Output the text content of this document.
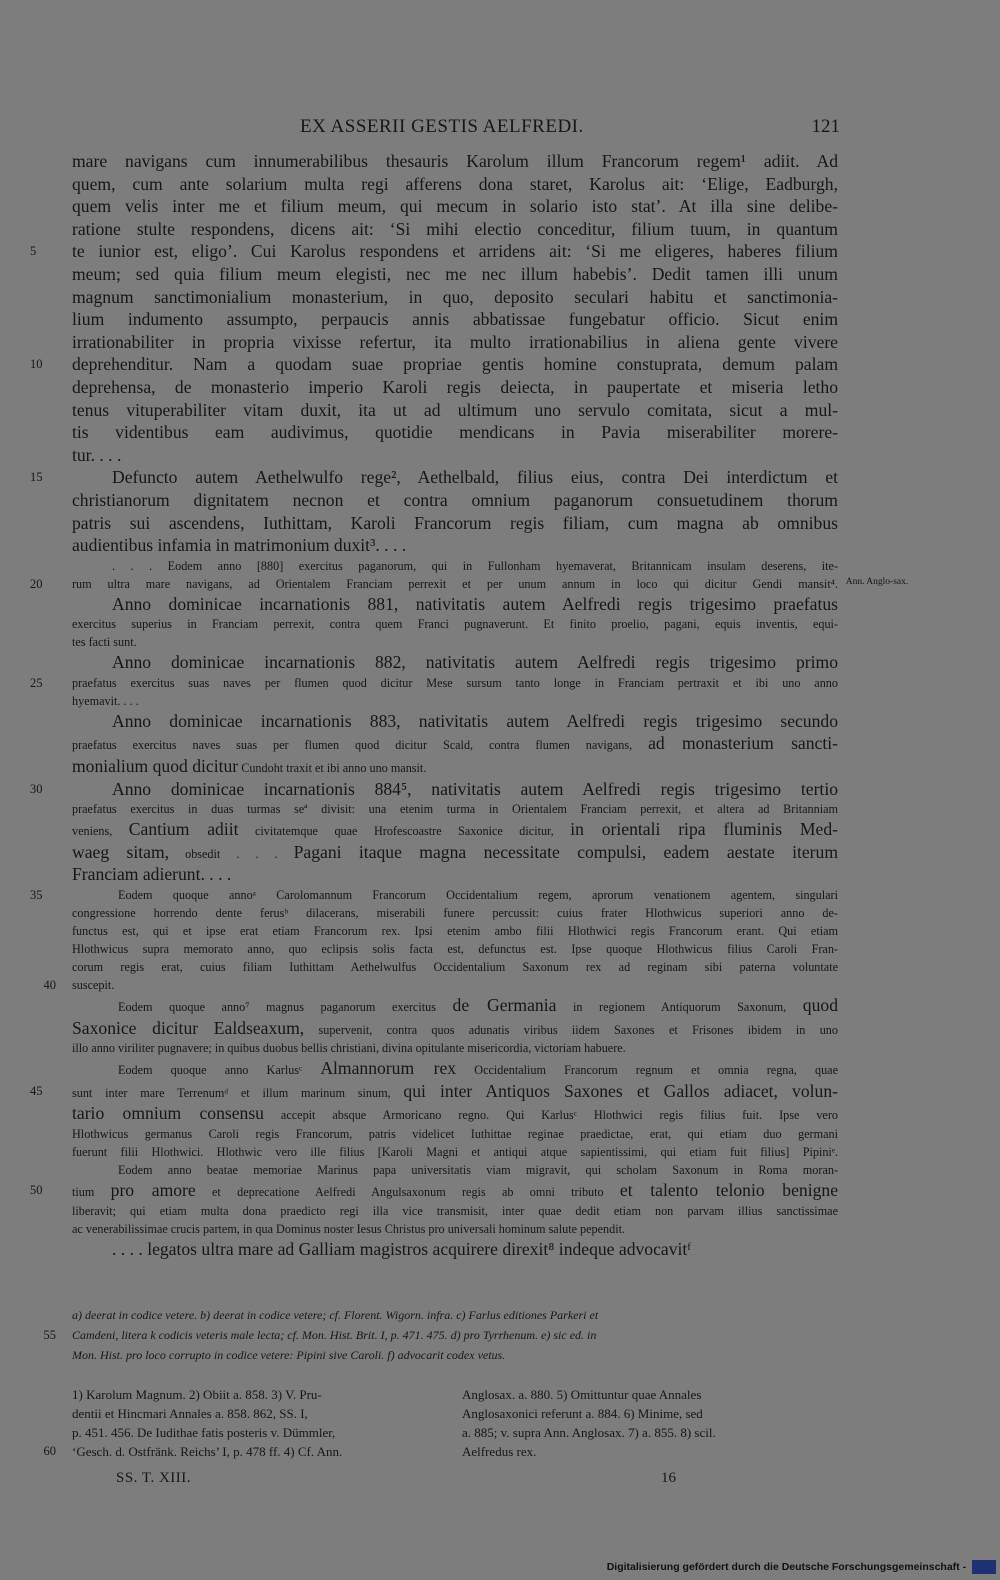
EX ASSERII GESTIS AELFREDI.	121
mare navigans cum innumerabilibus thesauris Karolum illum Francorum regem¹ adiit. Ad
quem, cum ante solarium multa regi afferens dona staret, Karolus ait: ‘Elige, Eadburgh,
quem velis inter me et filium meum, qui mecum in solario isto stat’. At illa sine delibe-
ratione stulte respondens, dicens ait: ‘Si mihi electio conceditur, filium tuum, in quantum
5	te iunior est, eligo’. Cui Karolus respondens et arridens ait: ‘Si me eligeres, haberes filium
meum; sed quia filium meum elegisti, nec me nec illum habebis’. Dedit tamen illi unum
magnum sanctimonialium monasterium, in quo, deposito seculari habitu et sanctimonia-
lium indumento assumpto, perpaucis annis abbatissae fungebatur officio. Sicut enim
irrationabiliter in propria vixisse refertur, ita multo irrationabilius in aliena gente vivere
10	deprehenditur. Nam a quodam suae propriae gentis homine constuprata, demum palam
deprehensa, de monasterio imperio Karoli regis deiecta, in paupertate et miseria letho
tenus vituperabiliter vitam duxit, ita ut ad ultimum uno servulo comitata, sicut a mul-
tis videntibus eam audivimus, quotidie mendicans in Pavia miserabiliter morere-
tur. . . .
15	Defuncto autem Aethelwulfo rege², Aethelbald, filius eius, contra Dei interdictum et
christianorum dignitatem necnon et contra omnium paganorum consuetudinem thorum
patris sui ascendens, Iuthittam, Karoli Francorum regis filiam, cum magna ab omnibus
audientibus infamia in matrimonium duxit³. . . .
. . . Eodem anno [880] exercitus paganorum, qui in Fullonham hyemaverat, Britannicam insulam deserens, ite-
20	rum ultra mare navigans, ad Orientalem Franciam perrexit et per unum annum in loco qui dicitur Gendi mansit⁴.
Anno dominicae incarnationis 881, nativitatis autem Aelfredi regis trigesimo praefatus
exercitus superius in Franciam perrexit, contra quem Franci pugnaverunt. Et finito proelio, pagani, equis inventis, equi-
tes facti sunt.
Anno dominicae incarnationis 882, nativitatis autem Aelfredi regis trigesimo primo
25	praefatus exercitus suas naves per flumen quod dicitur Mese sursum tanto longe in Franciam pertraxit et ibi uno anno
hyemavit. . . .
Anno dominicae incarnationis 883, nativitatis autem Aelfredi regis trigesimo secundo
praefatus exercitus naves suas per flumen quod dicitur Scald, contra flumen navigans, ad monasterium sancti-
monialium quod dicitur Cundoht traxit et ibi anno uno mansit.
30	Anno dominicae incarnationis 884⁵, nativitatis autem Aelfredi regis trigesimo tertio
praefatus exercitus in duas turmas seª divisit: una etenim turma in Orientalem Franciam perrexit, et altera ad Britanniam
veniens, Cantium adiit civitatemque quae Hrofescoastre Saxonice dicitur, in orientali ripa fluminis Med-
waeg sitam, obsedit . . . Pagani itaque magna necessitate compulsi, eadem aestate iterum
Franciam adierunt. . . .
35	Eodem quoque annoᵃ Carolomannum Francorum Occidentalium regem, aprorum venationem agentem, singulari
congressione horrendo dente ferusᵇ dilacerans, miserabili funere percussit: cuius frater Hlothwicus superiori anno de-
functus est, qui et ipse erat etiam Francorum rex. Ipsi etenim ambo filii Hlothwici regis Francorum erant. Qui etiam
Hlothwicus supra memorato anno, quo eclipsis solis facta est, defunctus est. Ipse quoque Hlothwicus filius Caroli Fran-
corum regis erat, cuius filiam Iuthittam Aethelwulfus Occidentalium Saxonum rex ad reginam sibi paterna voluntate
40 suscepit.
Eodem quoque anno⁷ magnus paganorum exercitus de Germania in regionem Antiquorum Saxonum, quod
Saxonice dicitur Ealdseaxum, supervenit, contra quos adunatis viribus iidem Saxones et Frisones ibidem in uno
illo anno viriliter pugnavere; in quibus duobus bellis christiani, divina opitulante misericordia, victoriam habuere.
Eodem quoque anno Karlusᶜ Almannorum rex Occidentalium Francorum regnum et omnia regna, quae
45	sunt inter mare Terrenumᵈ et illum marinum sinum, qui inter Antiquos Saxones et Gallos adiacet, volun-
tario omnium consensu accepit absque Armoricano regno. Qui Karlusᶜ Hlothwici regis filius fuit. Ipse vero
Hlothwicus germanus Caroli regis Francorum, patris videlicet Iuthittae reginae praedictae, erat, qui etiam duo germani
fuerunt filii Hlothwici. Hlothwic vero ille filius [Karoli Magni et antiqui atque sapientissimi, qui etiam fuit filius] Pipiniᵉ.
Eodem anno beatae memoriae Marinus papa universitatis viam migravit, qui scholam Saxonum in Roma moran-
50	tium pro amore et deprecatione Aelfredi Angulsaxonum regis ab omni tributo et talento telonio benigne
liberavit; qui etiam multa dona praedicto regi illa vice transmisit, inter quae dedit etiam non parvam illius sanctissimae
ac venerabilissimae crucis partem, in qua Dominus noster Iesus Christus pro universali hominum salute pependit.
. . . . legatos ultra mare ad Galliam magistros acquirere direxit⁸ indeque advocavitᶠ
Ann. Anglo-sax.
a) deerat in codice vetere. b) deerat in codice vetere; cf. Florent. Wigorn. infra. c) Farlus editiones Parkeri et
55 Camdeni, litera k codicis veteris male lecta; cf. Mon. Hist. Brit. I, p. 471. 475. d) pro Tyrrhenum. e) sic ed. in
Mon. Hist. pro loco corrupto in codice vetere: Pipini sive Caroli. f) advocarit codex vetus.
1) Karolum Magnum. 2) Obiit a. 858. 3) V. Pru-
dentii et Hincmari Annales a. 858. 862, SS. I,
p. 451. 456. De Iudithae fatis posteris v. Dümmler,
60 ‘Gesch. d. Ostfränk. Reichs’ I, p. 478 ff. 4) Cf. Ann.
Anglosax. a. 880. 5) Omittuntur quae Annales
Anglosaxonici referunt a. 884. 6) Minime, sed
a. 885; v. supra Ann. Anglosax. 7) a. 855. 8) scil.
Aelfredus rex.
SS. T. XIII.	16
Digitalisierung gefördert durch die Deutsche Forschungsgemeinschaft -
